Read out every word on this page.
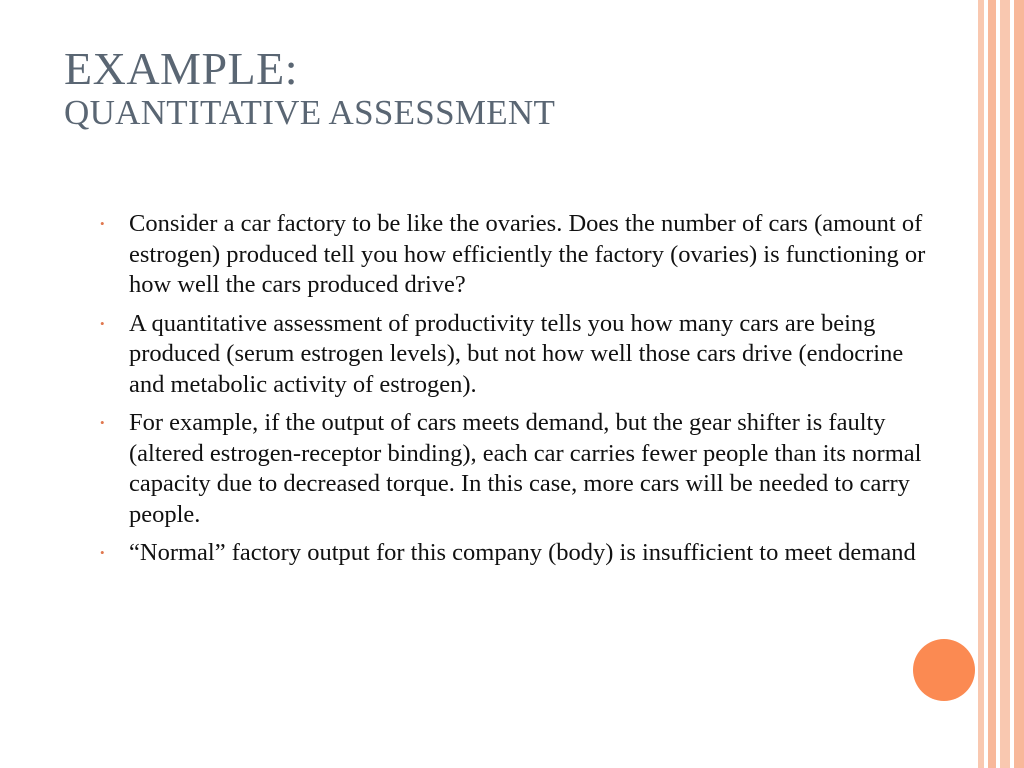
EXAMPLE:
QUANTITATIVE ASSESSMENT
• Consider a car factory to be like the ovaries. Does the number of cars (amount of estrogen) produced tell you how efficiently the factory (ovaries) is functioning or how well the cars produced drive?
• A quantitative assessment of productivity tells you how many cars are being produced (serum estrogen levels), but not how well those cars drive (endocrine and metabolic activity of estrogen).
• For example, if the output of cars meets demand, but the gear shifter is faulty (altered estrogen-receptor binding), each car carries fewer people than its normal capacity due to decreased torque. In this case, more cars will be needed to carry people.
• “Normal” factory output for this company (body) is insufficient to meet demand
